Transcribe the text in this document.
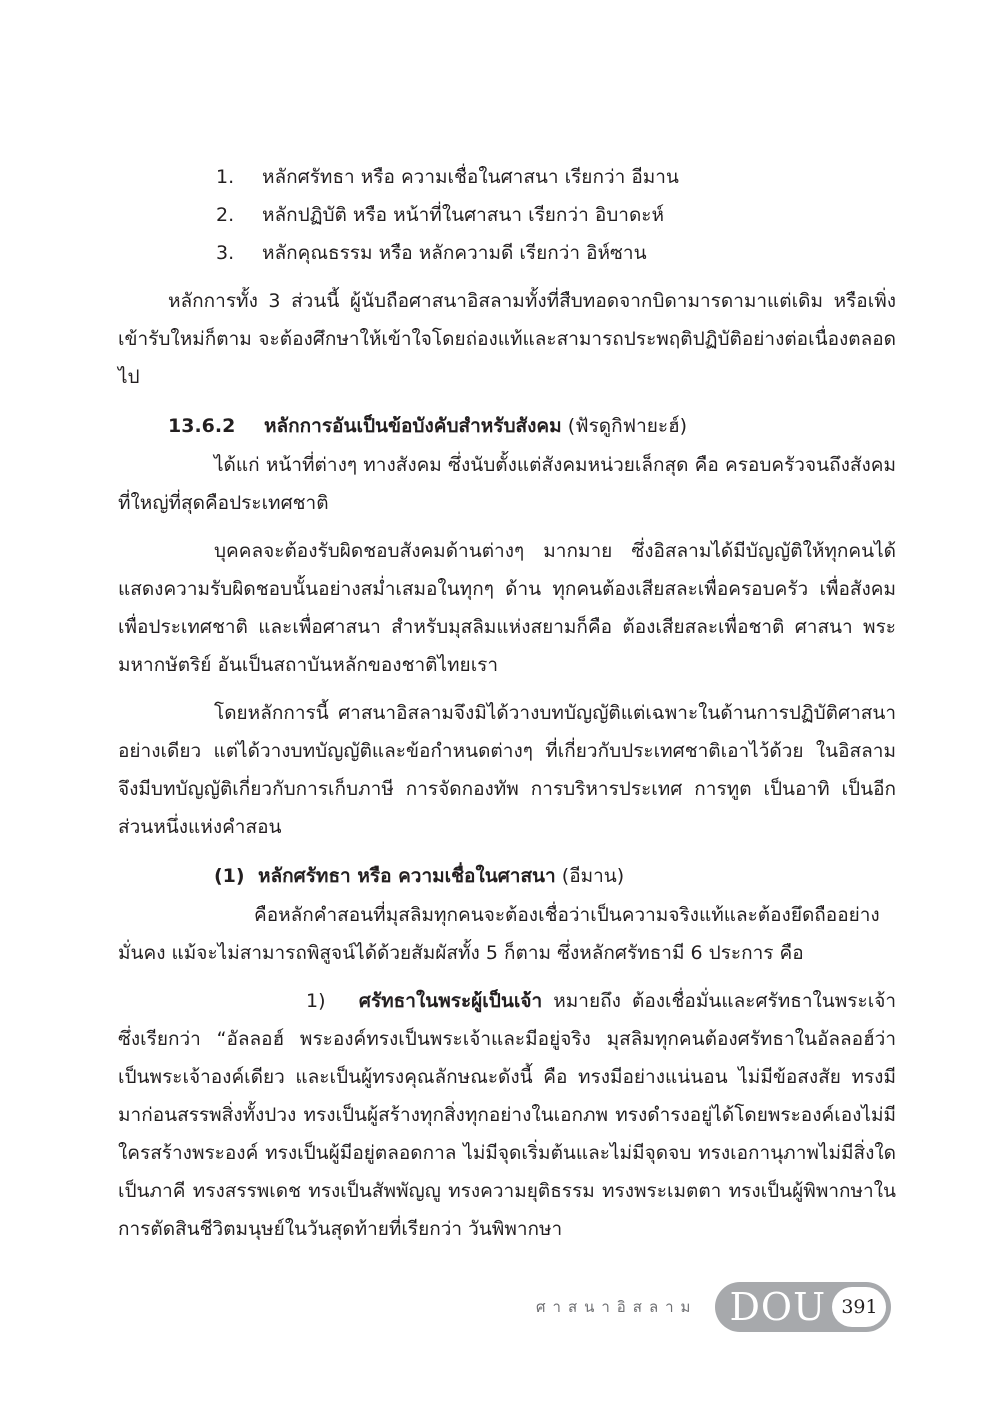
1.	หลักศรัทธา หรือ ความเชื่อในศาสนา เรียกว่า อีมาน
2.	หลักปฏิบัติ หรือ หน้าที่ในศาสนา เรียกว่า อิบาดะห์
3.	หลักคุณธรรม หรือ หลักความดี เรียกว่า อิห์ซาน

หลักการทั้ง 3 ส่วนนี้ ผู้นับถือศาสนาอิสลามทั้งที่สืบทอดจากบิดามารดามาแต่เดิม หรือเพิ่งเข้ารับใหม่ก็ตาม จะต้องศึกษาให้เข้าใจโดยถ่องแท้และสามารถประพฤติปฏิบัติอย่างต่อเนื่องตลอดไป

13.6.2	หลักการอันเป็นข้อบังคับสำหรับสังคม
(ฟัรดูกิฟายะฮ์)

ได้แก่ หน้าที่ต่างๆ ทางสังคม ซึ่งนับตั้งแต่สังคมหน่วยเล็กสุด คือ ครอบครัวจนถึงสังคมที่ใหญ่ที่สุดคือประเทศชาติ

บุคคลจะต้องรับผิดชอบสังคมด้านต่างๆ มากมาย ซึ่งอิสลามได้มีบัญญัติให้ทุกคนได้แสดงความรับผิดชอบนั้นอย่างสม่ำเสมอในทุกๆ ด้าน ทุกคนต้องเสียสละเพื่อครอบครัว เพื่อสังคม เพื่อประเทศชาติ และเพื่อศาสนา สำหรับมุสลิมแห่งสยามก็คือ ต้องเสียสละเพื่อชาติ ศาสนา พระมหากษัตริย์ อันเป็นสถาบันหลักของชาติไทยเรา

โดยหลักการนี้ ศาสนาอิสลามจึงมิได้วางบทบัญญัติแต่เฉพาะในด้านการปฏิบัติศาสนาอย่างเดียว แต่ได้วางบทบัญญัติและข้อกำหนดต่างๆ ที่เกี่ยวกับประเทศชาติเอาไว้ด้วย ในอิสลามจึงมีบทบัญญัติเกี่ยวกับการเก็บภาษี การจัดกองทัพ การบริหารประเทศ การทูต เป็นอาทิ เป็นอีกส่วนหนึ่งแห่งคำสอน

(1) หลักศรัทธา หรือ ความเชื่อในศาสนา
(อีมาน)

คือหลักคำสอนที่มุสลิมทุกคนจะต้องเชื่อว่าเป็นความจริงแท้และต้องยึดถืออย่างมั่นคง แม้จะไม่สามารถพิสูจน์ได้ด้วยสัมผัสทั้ง 5 ก็ตาม ซึ่งหลักศรัทธามี 6 ประการ คือ

1) ศรัทธาในพระผู้เป็นเจ้า หมายถึง ต้องเชื่อมั่นและศรัทธาในพระเจ้า ซึ่งเรียกว่า “อัลลอฮ์ พระองค์ทรงเป็นพระเจ้าและมีอยู่จริง มุสลิมทุกคนต้องศรัทธาในอัลลอฮ์ว่าเป็นพระเจ้าองค์เดียว และเป็นผู้ทรงคุณลักษณะดังนี้ คือ ทรงมีอย่างแน่นอน ไม่มีข้อสงสัย ทรงมีมาก่อนสรรพสิ่งทั้งปวง ทรงเป็นผู้สร้างทุกสิ่งทุกอย่างในเอกภพ ทรงดำรงอยู่ได้โดยพระองค์เองไม่มีใครสร้างพระองค์ ทรงเป็นผู้มีอยู่ตลอดกาล ไม่มีจุดเริ่มต้นและไม่มีจุดจบ ทรงเอกานุภาพไม่มีสิ่งใดเป็นภาคี ทรงสรรพเดช ทรงเป็นสัพพัญญู ทรงความยุติธรรม ทรงพระเมตตา ทรงเป็นผู้พิพากษาในการตัดสินชีวิตมนุษย์ในวันสุดท้ายที่เรียกว่า วันพิพากษา

ศาสนาอิสลาม DOU 391
